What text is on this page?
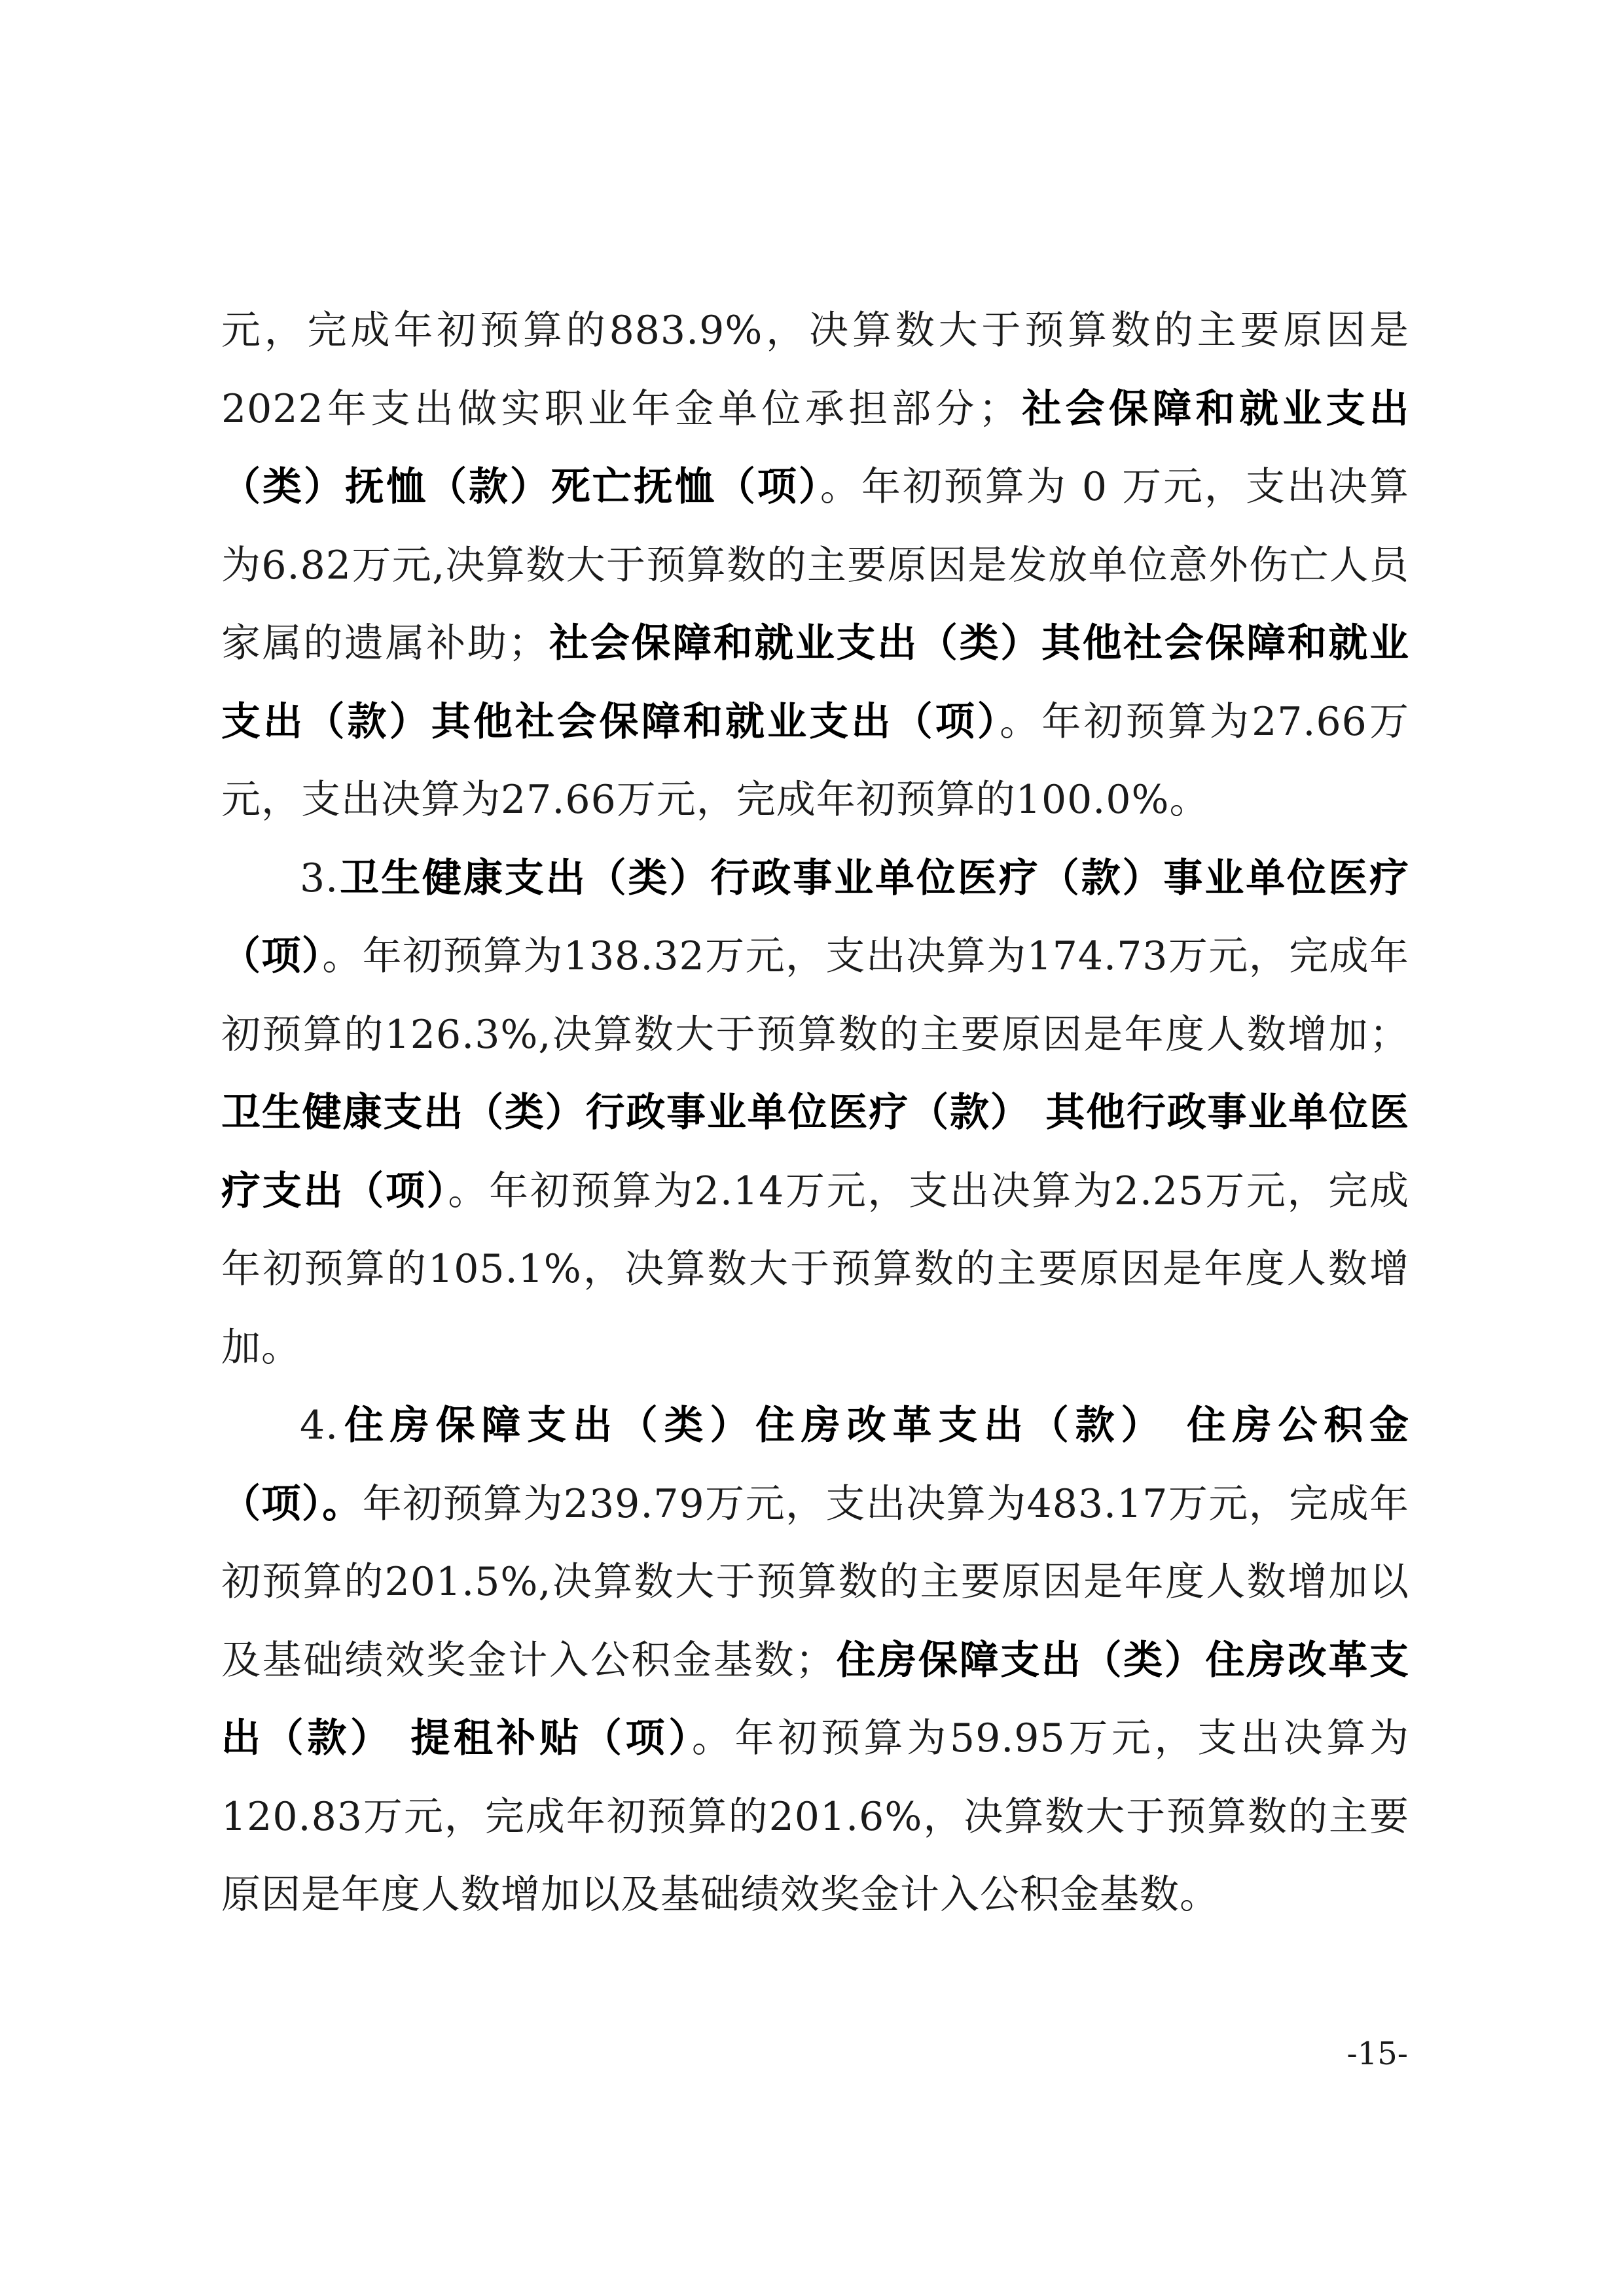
元，完成年初预算的883.9%，决算数大于预算数的主要原因是2022年支出做实职业年金单位承担部分；社会保障和就业支出（类）抚恤（款）死亡抚恤（项）。年初预算为 0 万元，支出决算为6.82万元,决算数大于预算数的主要原因是发放单位意外伤亡人员家属的遗属补助；社会保障和就业支出（类）其他社会保障和就业支出（款）其他社会保障和就业支出（项）。年初预算为27.66万元，支出决算为27.66万元，完成年初预算的100.0%。

3.卫生健康支出（类）行政事业单位医疗（款）事业单位医疗（项）。年初预算为138.32万元，支出决算为174.73万元，完成年初预算的126.3%,决算数大于预算数的主要原因是年度人数增加；卫生健康支出（类）行政事业单位医疗（款） 其他行政事业单位医疗支出（项）。年初预算为2.14万元，支出决算为2.25万元，完成年初预算的105.1%，决算数大于预算数的主要原因是年度人数增加。

4.住房保障支出（类）住房改革支出（款） 住房公积金（项）。年初预算为239.79万元，支出决算为483.17万元，完成年初预算的201.5%,决算数大于预算数的主要原因是年度人数增加以及基础绩效奖金计入公积金基数；住房保障支出（类）住房改革支出（款） 提租补贴（项）。年初预算为59.95万元，支出决算为120.83万元，完成年初预算的201.6%，决算数大于预算数的主要原因是年度人数增加以及基础绩效奖金计入公积金基数。

-15-
